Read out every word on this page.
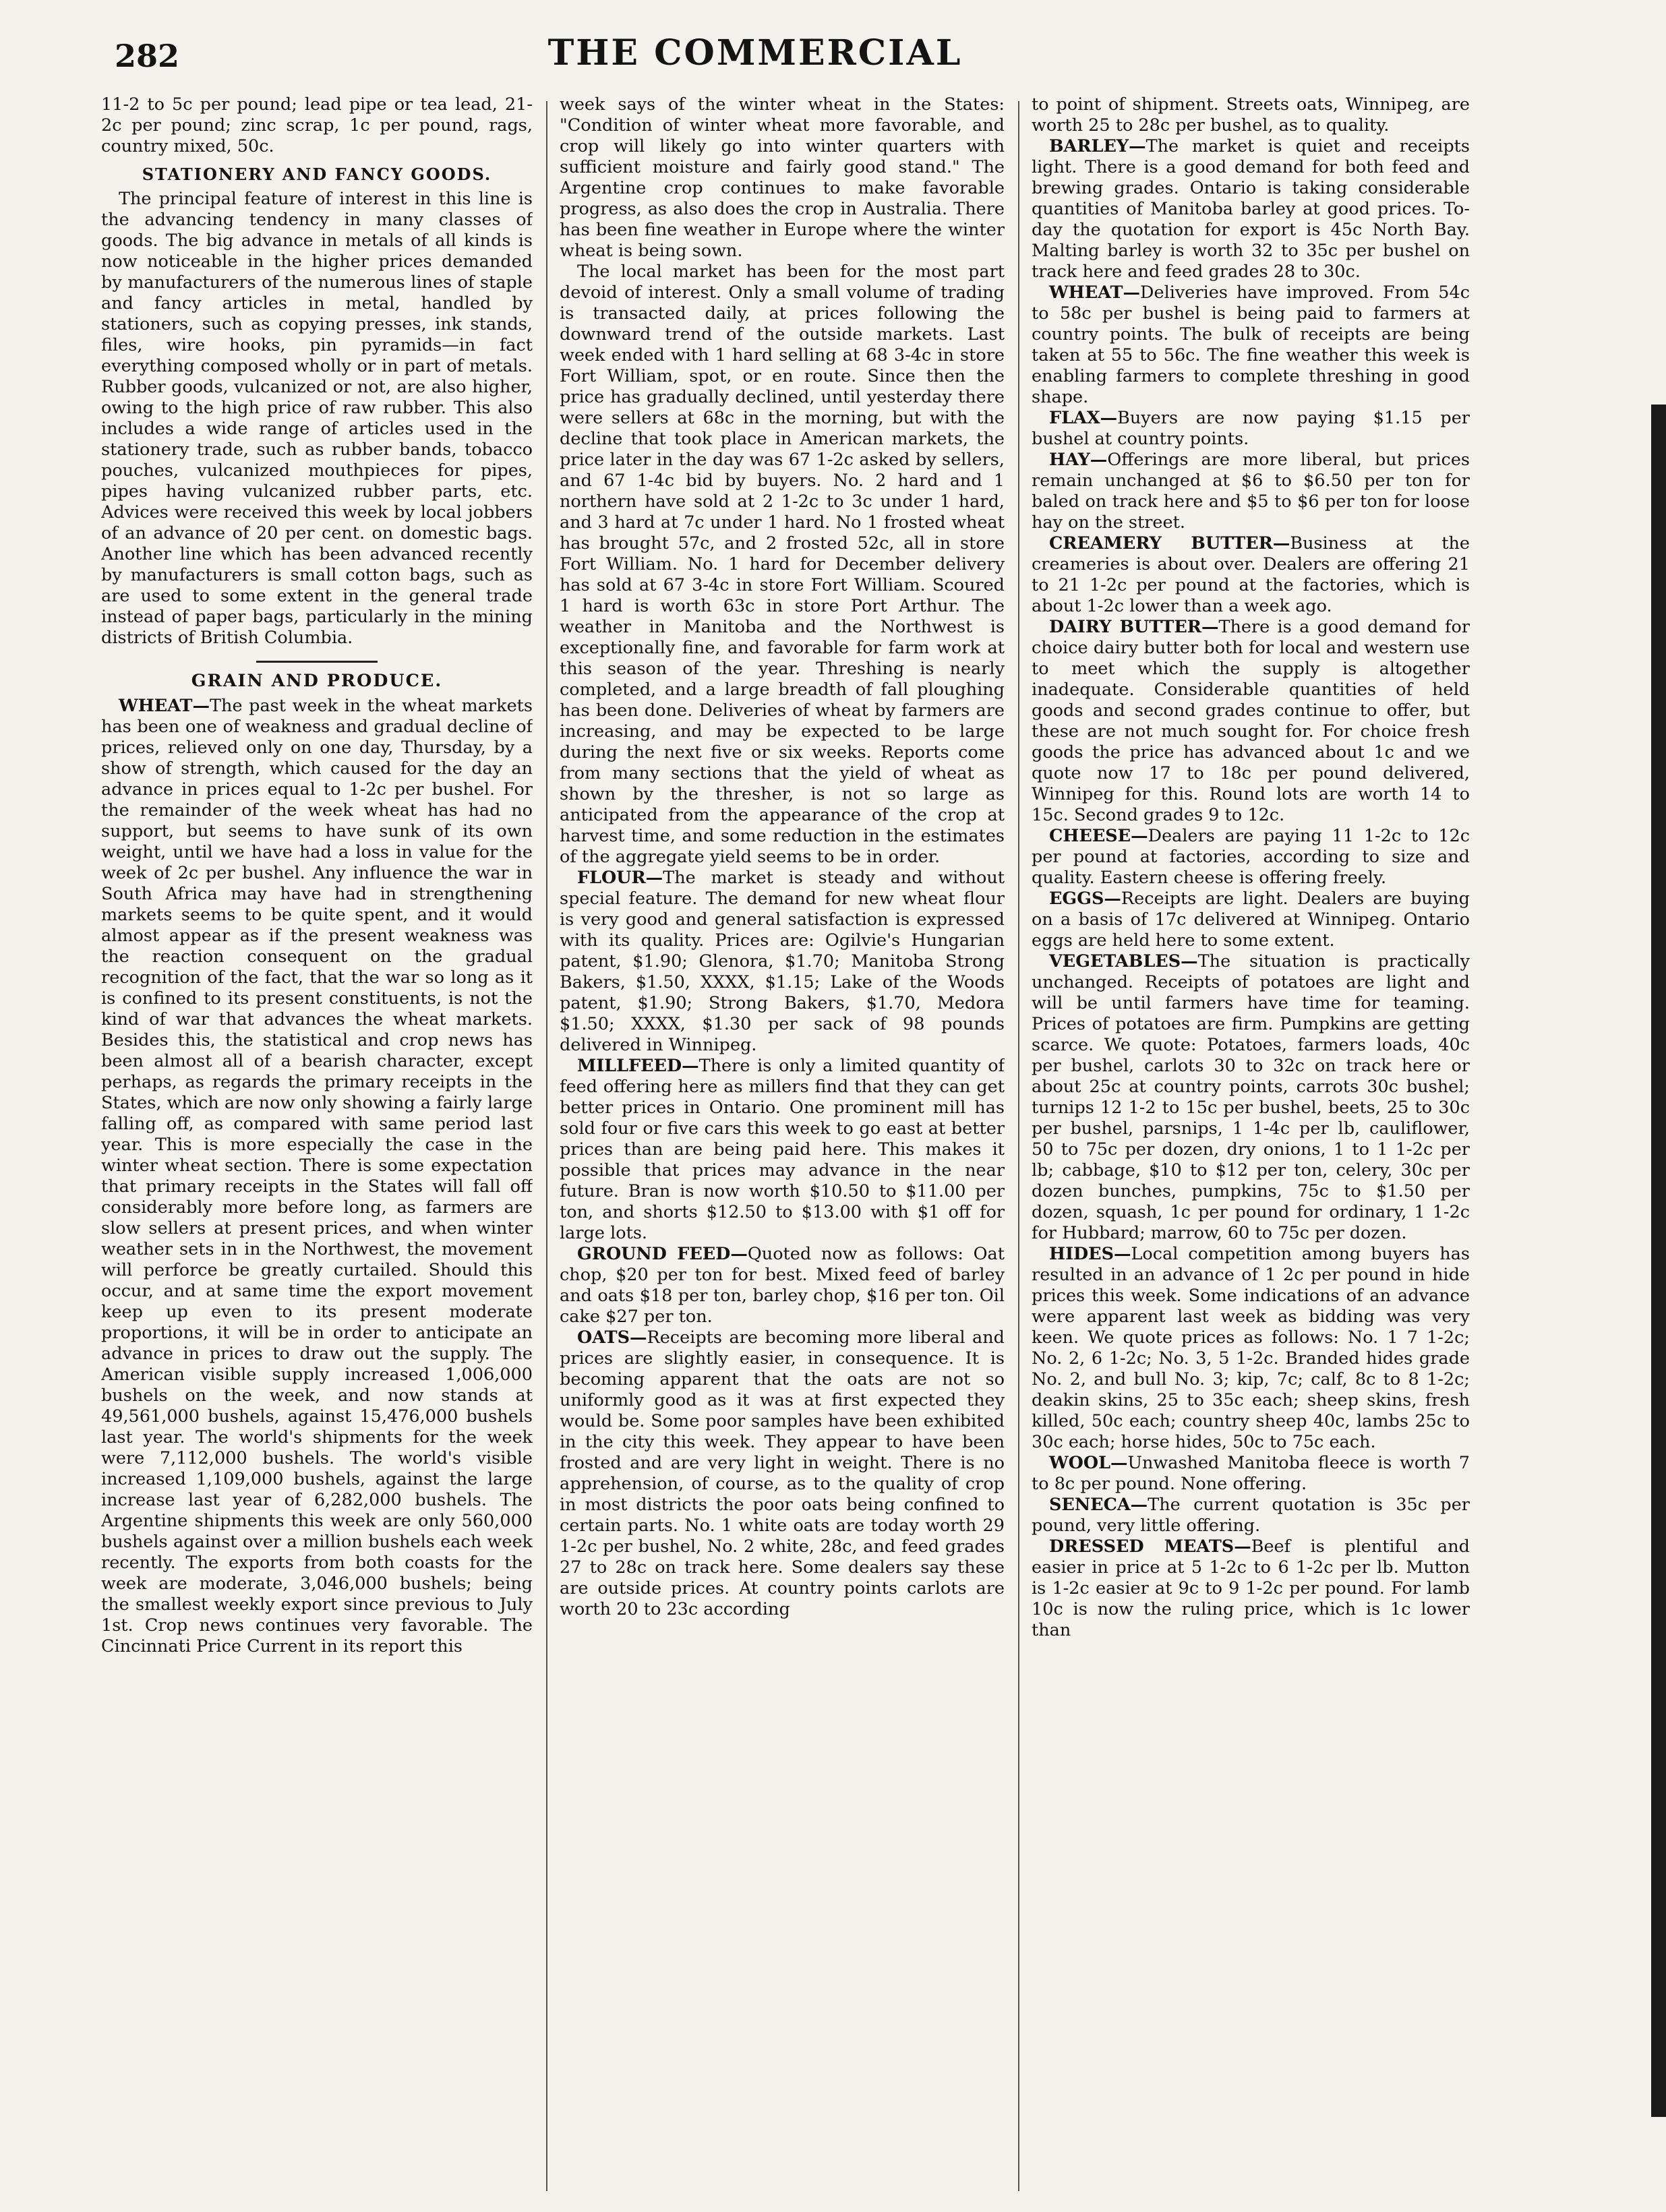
282	THE COMMERCIAL

11-2 to 5c per pound; lead pipe or tea lead, 21-2c per pound; zinc scrap, 1c per pound, rags, country mixed, 50c.

STATIONERY AND FANCY GOODS.

The principal feature of interest in this line is the advancing tendency in many classes of goods. The big advance in metals of all kinds is now noticeable in the higher prices demanded by manufacturers of the numerous lines of staple and fancy articles in metal, handled by stationers, such as copying presses, ink stands, files, wire hooks, pin pyramids—in fact everything composed wholly or in part of metals. Rubber goods, vulcanized or not, are also higher, owing to the high price of raw rubber. This also includes a wide range of articles used in the stationery trade, such as rubber bands, tobacco pouches, vulcanized mouthpieces for pipes, pipes having vulcanized rubber parts, etc. Advices were received this week by local jobbers of an advance of 20 per cent. on domestic bags. Another line which has been advanced recently by manufacturers is small cotton bags, such as are used to some extent in the general trade instead of paper bags, particularly in the mining districts of British Columbia.

GRAIN AND PRODUCE.

WHEAT—The past week in the wheat markets has been one of weakness and gradual decline of prices, relieved only on one day, Thursday, by a show of strength, which caused for the day an advance in prices equal to 1-2c per bushel. For the remainder of the week wheat has had no support, but seems to have sunk of its own weight, until we have had a loss in value for the week of 2c per bushel. Any influence the war in South Africa may have had in strengthening markets seems to be quite spent, and it would almost appear as if the present weakness was the reaction consequent on the gradual recognition of the fact, that the war so long as it is confined to its present constituents, is not the kind of war that advances the wheat markets. Besides this, the statistical and crop news has been almost all of a bearish character, except perhaps, as regards the primary receipts in the States, which are now only showing a fairly large falling off, as compared with same period last year. This is more especially the case in the winter wheat section. There is some expectation that primary receipts in the States will fall off considerably more before long, as farmers are slow sellers at present prices, and when winter weather sets in in the Northwest, the movement will perforce be greatly curtailed. Should this occur, and at same time the export movement keep up even to its present moderate proportions, it will be in order to anticipate an advance in prices to draw out the supply. The American visible supply increased 1,006,000 bushels on the week, and now stands at 49,561,000 bushels, against 15,476,000 bushels last year. The world's shipments for the week were 7,112,000 bushels. The world's visible increased 1,109,000 bushels, against the large increase last year of 6,282,000 bushels. The Argentine shipments this week are only 560,000 bushels against over a million bushels each week recently. The exports from both coasts for the week are moderate, 3,046,000 bushels; being the smallest weekly export since previous to July 1st. Crop news continues very favorable. The Cincinnati Price Current in its report this

week says of the winter wheat in the States: "Condition of winter wheat more favorable, and crop will likely go into winter quarters with sufficient moisture and fairly good stand." The Argentine crop continues to make favorable progress, as also does the crop in Australia. There has been fine weather in Europe where the winter wheat is being sown.

The local market has been for the most part devoid of interest. Only a small volume of trading is transacted daily, at prices following the downward trend of the outside markets. Last week ended with 1 hard selling at 68 3-4c in store Fort William, spot, or en route. Since then the price has gradually declined, until yesterday there were sellers at 68c in the morning, but with the decline that took place in American markets, the price later in the day was 67 1-2c asked by sellers, and 67 1-4c bid by buyers. No. 2 hard and 1 northern have sold at 2 1-2c to 3c under 1 hard, and 3 hard at 7c under 1 hard. No 1 frosted wheat has brought 57c, and 2 frosted 52c, all in store Fort William. No. 1 hard for December delivery has sold at 67 3-4c in store Fort William. Scoured 1 hard is worth 63c in store Port Arthur. The weather in Manitoba and the Northwest is exceptionally fine, and favorable for farm work at this season of the year. Threshing is nearly completed, and a large breadth of fall ploughing has been done. Deliveries of wheat by farmers are increasing, and may be expected to be large during the next five or six weeks. Reports come from many sections that the yield of wheat as shown by the thresher, is not so large as anticipated from the appearance of the crop at harvest time, and some reduction in the estimates of the aggregate yield seems to be in order.

FLOUR—The market is steady and without special feature. The demand for new wheat flour is very good and general satisfaction is expressed with its quality. Prices are: Ogilvie's Hungarian patent, $1.90; Glenora, $1.70; Manitoba Strong Bakers, $1.50, XXXX, $1.15; Lake of the Woods patent, $1.90; Strong Bakers, $1.70, Medora $1.50; XXXX, $1.30 per sack of 98 pounds delivered in Winnipeg.

MILLFEED—There is only a limited quantity of feed offering here as millers find that they can get better prices in Ontario. One prominent mill has sold four or five cars this week to go east at better prices than are being paid here. This makes it possible that prices may advance in the near future. Bran is now worth $10.50 to $11.00 per ton, and shorts $12.50 to $13.00 with $1 off for large lots.

GROUND FEED—Quoted now as follows: Oat chop, $20 per ton for best. Mixed feed of barley and oats $18 per ton, barley chop, $16 per ton. Oil cake $27 per ton.

OATS—Receipts are becoming more liberal and prices are slightly easier, in consequence. It is becoming apparent that the oats are not so uniformly good as it was at first expected they would be. Some poor samples have been exhibited in the city this week. They appear to have been frosted and are very light in weight. There is no apprehension, of course, as to the quality of crop in most districts the poor oats being confined to certain parts. No. 1 white oats are today worth 29 1-2c per bushel, No. 2 white, 28c, and feed grades 27 to 28c on track here. Some dealers say these are outside prices. At country points carlots are worth 20 to 23c according

to point of shipment. Streets oats, Winnipeg, are worth 25 to 28c per bushel, as to quality.

BARLEY—The market is quiet and receipts light. There is a good demand for both feed and brewing grades. Ontario is taking considerable quantities of Manitoba barley at good prices. To-day the quotation for export is 45c North Bay. Malting barley is worth 32 to 35c per bushel on track here and feed grades 28 to 30c.

WHEAT—Deliveries have improved. From 54c to 58c per bushel is being paid to farmers at country points. The bulk of receipts are being taken at 55 to 56c. The fine weather this week is enabling farmers to complete threshing in good shape.

FLAX—Buyers are now paying $1.15 per bushel at country points.

HAY—Offerings are more liberal, but prices remain unchanged at $6 to $6.50 per ton for baled on track here and $5 to $6 per ton for loose hay on the street.

CREAMERY BUTTER—Business at the creameries is about over. Dealers are offering 21 to 21 1-2c per pound at the factories, which is about 1-2c lower than a week ago.

DAIRY BUTTER—There is a good demand for choice dairy butter both for local and western use to meet which the supply is altogether inadequate. Considerable quantities of held goods and second grades continue to offer, but these are not much sought for. For choice fresh goods the price has advanced about 1c and we quote now 17 to 18c per pound delivered, Winnipeg for this. Round lots are worth 14 to 15c. Second grades 9 to 12c.

CHEESE—Dealers are paying 11 1-2c to 12c per pound at factories, according to size and quality. Eastern cheese is offering freely.

EGGS—Receipts are light. Dealers are buying on a basis of 17c delivered at Winnipeg. Ontario eggs are held here to some extent.

VEGETABLES—The situation is practically unchanged. Receipts of potatoes are light and will be until farmers have time for teaming. Prices of potatoes are firm. Pumpkins are getting scarce. We quote: Potatoes, farmers loads, 40c per bushel, carlots 30 to 32c on track here or about 25c at country points, carrots 30c bushel; turnips 12 1-2 to 15c per bushel, beets, 25 to 30c per bushel, parsnips, 1 1-4c per lb, cauliflower, 50 to 75c per dozen, dry onions, 1 to 1 1-2c per lb; cabbage, $10 to $12 per ton, celery, 30c per dozen bunches, pumpkins, 75c to $1.50 per dozen, squash, 1c per pound for ordinary, 1 1-2c for Hubbard; marrow, 60 to 75c per dozen.

HIDES—Local competition among buyers has resulted in an advance of 1 2c per pound in hide prices this week. Some indications of an advance were apparent last week as bidding was very keen. We quote prices as follows: No. 1 7 1-2c; No. 2, 6 1-2c; No. 3, 5 1-2c. Branded hides grade No. 2, and bull No. 3; kip, 7c; calf, 8c to 8 1-2c; deakin skins, 25 to 35c each; sheep skins, fresh killed, 50c each; country sheep 40c, lambs 25c to 30c each; horse hides, 50c to 75c each.

WOOL—Unwashed Manitoba fleece is worth 7 to 8c per pound. None offering.

SENECA—The current quotation is 35c per pound, very little offering.

DRESSED MEATS—Beef is plentiful and easier in price at 5 1-2c to 6 1-2c per lb. Mutton is 1-2c easier at 9c to 9 1-2c per pound. For lamb 10c is now the ruling price, which is 1c lower than
